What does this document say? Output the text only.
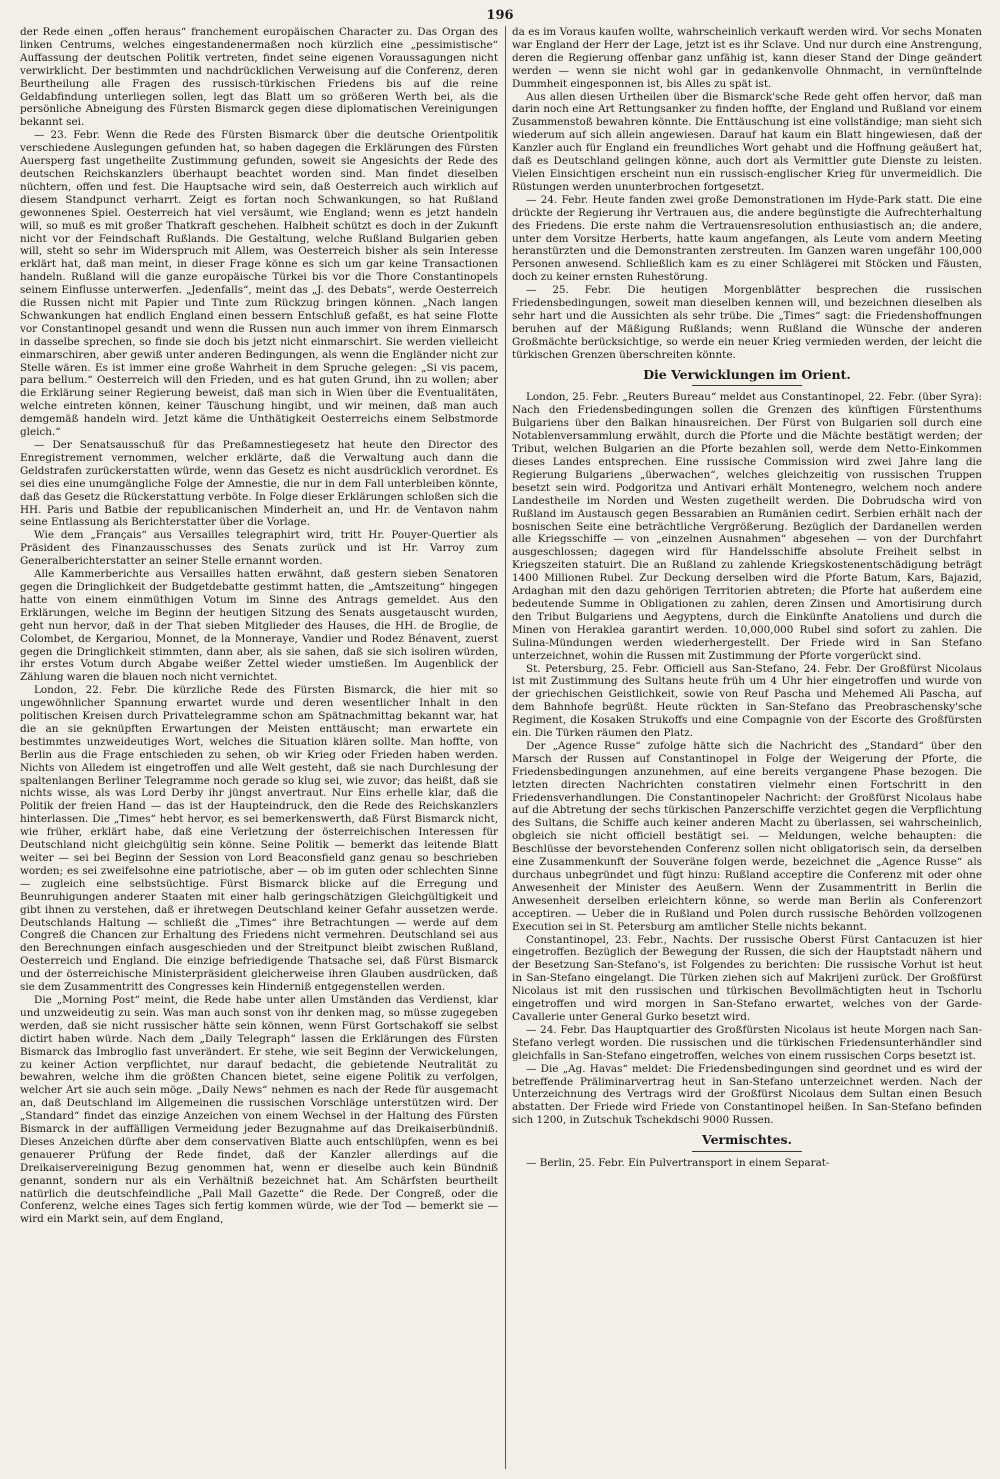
196

der Rede einen „offen heraus“ franchement europäischen Character zu. Das Organ des linken Centrums, welches eingestandenermaßen noch kürzlich eine „pessimistische“ Auffassung der deutschen Politik vertreten, findet seine eigenen Voraussagungen nicht verwirklicht. Der bestimmten und nachdrücklichen Verweisung auf die Conferenz, deren Beurtheilung alle Fragen des russisch-türkischen Friedens bis auf die reine Geldabfindung unterliegen sollen, legt das Blatt um so größeren Werth bei, als die persönliche Abneigung des Fürsten Bismarck gegen diese diplomatischen Vereinigungen bekannt sei.

— 23. Febr. Wenn die Rede des Fürsten Bismarck über die deutsche Orientpolitik verschiedene Auslegungen gefunden hat, so haben dagegen die Erklärungen des Fürsten Auersperg fast ungetheilte Zustimmung gefunden, soweit sie Angesichts der Rede des deutschen Reichskanzlers überhaupt beachtet worden sind. Man findet dieselben nüchtern, offen und fest. Die Hauptsache wird sein, daß Oesterreich auch wirklich auf diesem Standpunct verharrt. Zeigt es fortan noch Schwankungen, so hat Rußland gewonnenes Spiel. Oesterreich hat viel versäumt, wie England; wenn es jetzt handeln will, so muß es mit großer Thatkraft geschehen. Halbheit schützt es doch in der Zukunft nicht vor der Feindschaft Rußlands. Die Gestaltung, welche Rußland Bulgarien geben will, steht so sehr im Widerspruch mit Allem, was Oesterreich bisher als sein Interesse erklärt hat, daß man meint, in dieser Frage könne es sich um gar keine Transactionen handeln. Rußland will die ganze europäische Türkei bis vor die Thore Constantinopels seinem Einflusse unterwerfen. „Jedenfalls“, meint das „J. des Debats“, werde Oesterreich die Russen nicht mit Papier und Tinte zum Rückzug bringen können. „Nach langen Schwankungen hat endlich England einen bessern Entschluß gefaßt, es hat seine Flotte vor Constantinopel gesandt und wenn die Russen nun auch immer von ihrem Einmarsch in dasselbe sprechen, so finde sie doch bis jetzt nicht einmarschirt. Sie werden vielleicht einmarschiren, aber gewiß unter anderen Bedingungen, als wenn die Engländer nicht zur Stelle wären. Es ist immer eine große Wahrheit in dem Spruche gelegen: „Si vis pacem, para bellum.“ Oesterreich will den Frieden, und es hat guten Grund, ihn zu wollen; aber die Erklärung seiner Regierung beweist, daß man sich in Wien über die Eventualitäten, welche eintreten können, keiner Täuschung hingibt, und wir meinen, daß man auch demgemäß handeln wird. Jetzt käme die Unthätigkeit Oesterreichs einem Selbstmorde gleich.“

— Der Senatsausschuß für das Preßamnestiegesetz hat heute den Director des Enregistrement vernommen, welcher erklärte, daß die Verwaltung auch dann die Geldstrafen zurückerstatten würde, wenn das Gesetz es nicht ausdrücklich verordnet. Es sei dies eine unumgängliche Folge der Amnestie, die nur in dem Fall unterbleiben könnte, daß das Gesetz die Rückerstattung verböte. In Folge dieser Erklärungen schloßen sich die HH. Paris und Batbie der republicanischen Minderheit an, und Hr. de Ventavon nahm seine Entlassung als Berichterstatter über die Vorlage.

Wie dem „Français“ aus Versailles telegraphirt wird, tritt Hr. Pouyer-Quertier als Präsident des Finanzausschusses des Senats zurück und ist Hr. Varroy zum Generalberichterstatter an seiner Stelle ernannt worden.

Alle Kammerberichte aus Versailles hatten erwähnt, daß gestern sieben Senatoren gegen die Dringlichkeit der Budgetdebatte gestimmt hatten, die „Amtszeitung“ hingegen hatte von einem einmüthigen Votum im Sinne des Antrags gemeldet. Aus den Erklärungen, welche im Beginn der heutigen Sitzung des Senats ausgetauscht wurden, geht nun hervor, daß in der That sieben Mitglieder des Hauses, die HH. de Broglie, de Colombet, de Kergariou, Monnet, de la Monneraye, Vandier und Rodez Bénavent, zuerst gegen die Dringlichkeit stimmten, dann aber, als sie sahen, daß sie sich isoliren würden, ihr erstes Votum durch Abgabe weißer Zettel wieder umstießen. Im Augenblick der Zählung waren die blauen noch nicht vernichtet.

London, 22. Febr. Die kürzliche Rede des Fürsten Bismarck, die hier mit so ungewöhnlicher Spannung erwartet wurde und deren wesentlicher Inhalt in den politischen Kreisen durch Privattelegramme schon am Spätnachmittag bekannt war, hat die an sie geknüpften Erwartungen der Meisten enttäuscht; man erwartete ein bestimmtes unzweideutiges Wort, welches die Situation klären sollte. Man hoffte, von Berlin aus die Frage entschieden zu sehen, ob wir Krieg oder Frieden haben werden. Nichts von Alledem ist eingetroffen und alle Welt gesteht, daß sie nach Durchlesung der spaltenlangen Berliner Telegramme noch gerade so klug sei, wie zuvor; das heißt, daß sie nichts wisse, als was Lord Derby ihr jüngst anvertraut. Nur Eins erhelle klar, daß die Politik der freien Hand — das ist der Haupteindruck, den die Rede des Reichskanzlers hinterlassen. Die „Times“ hebt hervor, es sei bemerkenswerth, daß Fürst Bismarck nicht, wie früher, erklärt habe, daß eine Verletzung der österreichischen Interessen für Deutschland nicht gleichgültig sein könne. Seine Politik — bemerkt das leitende Blatt weiter — sei bei Beginn der Session von Lord Beaconsfield ganz genau so beschrieben worden; es sei zweifelsohne eine patriotische, aber — ob im guten oder schlechten Sinne — zugleich eine selbstsüchtige. Fürst Bismarck blicke auf die Erregung und Beunruhigungen anderer Staaten mit einer halb geringschätzigen Gleichgültigkeit und gibt ihnen zu verstehen, daß er ihretwegen Deutschland keiner Gefahr aussetzen werde. Deutschlands Haltung — schließt die „Times“ ihre Betrachtungen — werde auf dem Congreß die Chancen zur Erhaltung des Friedens nicht vermehren. Deutschland sei aus den Berechnungen einfach ausgeschieden und der Streitpunct bleibt zwischen Rußland, Oesterreich und England. Die einzige befriedigende Thatsache sei, daß Fürst Bismarck und der österreichische Ministerpräsident gleicherweise ihren Glauben ausdrücken, daß sie dem Zusammentritt des Congresses kein Hinderniß entgegenstellen werden.

Die „Morning Post“ meint, die Rede habe unter allen Umständen das Verdienst, klar und unzweideutig zu sein. Was man auch sonst von ihr denken mag, so müsse zugegeben werden, daß sie nicht russischer hätte sein können, wenn Fürst Gortschakoff sie selbst dictirt haben würde. Nach dem „Daily Telegraph“ lassen die Erklärungen des Fürsten Bismarck das Imbroglio fast unverändert. Er stehe, wie seit Beginn der Verwickelungen, zu keiner Action verpflichtet, nur darauf bedacht, die gebietende Neutralität zu bewahren, welche ihm die größten Chancen bietet, seine eigene Politik zu verfolgen, welcher Art sie auch sein möge. „Daily News“ nehmen es nach der Rede für ausgemacht an, daß Deutschland im Allgemeinen die russischen Vorschläge unterstützen wird. Der „Standard“ findet das einzige Anzeichen von einem Wechsel in der Haltung des Fürsten Bismarck in der auffälligen Vermeidung jeder Bezugnahme auf das Dreikaiserbündniß. Dieses Anzeichen dürfte aber dem conservativen Blatte auch entschlüpfen, wenn es bei genauerer Prüfung der Rede findet, daß der Kanzler allerdings auf die Dreikaiservereinigung Bezug genommen hat, wenn er dieselbe auch kein Bündniß genannt, sondern nur als ein Verhältniß bezeichnet hat. Am Schärfsten beurtheilt natürlich die deutschfeindliche „Pall Mall Gazette“ die Rede. Der Congreß, oder die Conferenz, welche eines Tages sich fertig kommen würde, wie der Tod — bemerkt sie — wird ein Markt sein, auf dem England,

da es im Voraus kaufen wollte, wahrscheinlich verkauft werden wird. Vor sechs Monaten war England der Herr der Lage, jetzt ist es ihr Sclave. Und nur durch eine Anstrengung, deren die Regierung offenbar ganz unfähig ist, kann dieser Stand der Dinge geändert werden — wenn sie nicht wohl gar in gedankenvolle Ohnmacht, in vernünftelnde Dummheit eingesponnen ist, bis Alles zu spät ist.

Aus allen diesen Urtheilen über die Bismarck'sche Rede geht offen hervor, daß man darin noch eine Art Rettungsanker zu finden hoffte, der England und Rußland vor einem Zusammenstoß bewahren könnte. Die Enttäuschung ist eine vollständige; man sieht sich wiederum auf sich allein angewiesen. Darauf hat kaum ein Blatt hingewiesen, daß der Kanzler auch für England ein freundliches Wort gehabt und die Hoffnung geäußert hat, daß es Deutschland gelingen könne, auch dort als Vermittler gute Dienste zu leisten. Vielen Einsichtigen erscheint nun ein russisch-englischer Krieg für unvermeidlich. Die Rüstungen werden ununterbrochen fortgesetzt.

— 24. Febr. Heute fanden zwei große Demonstrationen im Hyde-Park statt. Die eine drückte der Regierung ihr Vertrauen aus, die andere begünstigte die Aufrechterhaltung des Friedens. Die erste nahm die Vertrauensresolution enthusiastisch an; die andere, unter dem Vorsitze Herberts, hatte kaum angefangen, als Leute vom andern Meeting heranstürzten und die Demonstranten zerstreuten. Im Ganzen waren ungefähr 100,000 Personen anwesend. Schließlich kam es zu einer Schlägerei mit Stöcken und Fäusten, doch zu keiner ernsten Ruhestörung.

— 25. Febr. Die heutigen Morgenblätter besprechen die russischen Friedensbedingungen, soweit man dieselben kennen will, und bezeichnen dieselben als sehr hart und die Aussichten als sehr trübe. Die „Times“ sagt: die Friedenshoffnungen beruhen auf der Mäßigung Rußlands; wenn Rußland die Wünsche der anderen Großmächte berücksichtige, so werde ein neuer Krieg vermieden werden, der leicht die türkischen Grenzen überschreiten könnte.

Die Verwicklungen im Orient.

London, 25. Febr. „Reuters Bureau“ meldet aus Constantinopel, 22. Febr. (über Syra): Nach den Friedensbedingungen sollen die Grenzen des künftigen Fürstenthums Bulgariens über den Balkan hinausreichen. Der Fürst von Bulgarien soll durch eine Notablenversammlung erwählt, durch die Pforte und die Mächte bestätigt werden; der Tribut, welchen Bulgarien an die Pforte bezahlen soll, werde dem Netto-Einkommen dieses Landes entsprechen. Eine russische Commission wird zwei Jahre lang die Regierung Bulgariens „überwachen“, welches gleichzeitig von russischen Truppen besetzt sein wird. Podgoritza und Antivari erhält Montenegro, welchem noch andere Landestheile im Norden und Westen zugetheilt werden. Die Dobrudscha wird von Rußland im Austausch gegen Bessarabien an Rumänien cedirt. Serbien erhält nach der bosnischen Seite eine beträchtliche Vergrößerung. Bezüglich der Dardanellen werden alle Kriegsschiffe — von „einzelnen Ausnahmen“ abgesehen — von der Durchfahrt ausgeschlossen; dagegen wird für Handelsschiffe absolute Freiheit selbst in Kriegszeiten statuirt. Die an Rußland zu zahlende Kriegskostenentschädigung beträgt 1400 Millionen Rubel. Zur Deckung derselben wird die Pforte Batum, Kars, Bajazid, Ardaghan mit den dazu gehörigen Territorien abtreten; die Pforte hat außerdem eine bedeutende Summe in Obligationen zu zahlen, deren Zinsen und Amortisirung durch den Tribut Bulgariens und Aegyptens, durch die Einkünfte Anatoliens und durch die Minen von Heraklea garantirt werden. 10,000,000 Rubel sind sofort zu zahlen. Die Sulina-Mündungen werden wiederhergestellt. Der Friede wird in San Stefano unterzeichnet, wohin die Russen mit Zustimmung der Pforte vorgerückt sind.

St. Petersburg, 25. Febr. Officiell aus San-Stefano, 24. Febr. Der Großfürst Nicolaus ist mit Zustimmung des Sultans heute früh um 4 Uhr hier eingetroffen und wurde von der griechischen Geistlichkeit, sowie von Reuf Pascha und Mehemed Ali Pascha, auf dem Bahnhofe begrüßt. Heute rückten in San-Stefano das Preobraschensky'sche Regiment, die Kosaken Strukoffs und eine Compagnie von der Escorte des Großfürsten ein. Die Türken räumen den Platz.

Der „Agence Russe“ zufolge hätte sich die Nachricht des „Standard“ über den Marsch der Russen auf Constantinopel in Folge der Weigerung der Pforte, die Friedensbedingungen anzunehmen, auf eine bereits vergangene Phase bezogen. Die letzten directen Nachrichten constatiren vielmehr einen Fortschritt in den Friedensverhandlungen. Die Constantinopeler Nachricht: der Großfürst Nicolaus habe auf die Abtretung der sechs türkischen Panzerschiffe verzichtet gegen die Verpflichtung des Sultans, die Schiffe auch keiner anderen Macht zu überlassen, sei wahrscheinlich, obgleich sie nicht officiell bestätigt sei. — Meldungen, welche behaupten: die Beschlüsse der bevorstehenden Conferenz sollen nicht obligatorisch sein, da derselben eine Zusammenkunft der Souveräne folgen werde, bezeichnet die „Agence Russe“ als durchaus unbegründet und fügt hinzu: Rußland acceptire die Conferenz mit oder ohne Anwesenheit der Minister des Aeußern. Wenn der Zusammentritt in Berlin die Anwesenheit derselben erleichtern könne, so werde man Berlin als Conferenzort acceptiren. — Ueber die in Rußland und Polen durch russische Behörden vollzogenen Execution sei in St. Petersburg am amtlicher Stelle nichts bekannt.

Constantinopel, 23. Febr., Nachts. Der russische Oberst Fürst Cantacuzen ist hier eingetroffen. Bezüglich der Bewegung der Russen, die sich der Hauptstadt nähern und der Besetzung San-Stefano's, ist Folgendes zu berichten: Die russische Vorhut ist heut in San-Stefano eingelangt. Die Türken ziehen sich auf Makrijeni zurück. Der Großfürst Nicolaus ist mit den russischen und türkischen Bevollmächtigten heut in Tschorlu eingetroffen und wird morgen in San-Stefano erwartet, welches von der Garde-Cavallerie unter General Gurko besetzt wird.

— 24. Febr. Das Hauptquartier des Großfürsten Nicolaus ist heute Morgen nach San-Stefano verlegt worden. Die russischen und die türkischen Friedensunterhändler sind gleichfalls in San-Stefano eingetroffen, welches von einem russischen Corps besetzt ist.

— Die „Ag. Havas“ meldet: Die Friedensbedingungen sind geordnet und es wird der betreffende Präliminarvertrag heut in San-Stefano unterzeichnet werden. Nach der Unterzeichnung des Vertrags wird der Großfürst Nicolaus dem Sultan einen Besuch abstatten. Der Friede wird Friede von Constantinopel heißen. In San-Stefano befinden sich 1200, in Zutschuk Tschekdschi 9000 Russen.

Vermischtes.

— Berlin, 25. Febr. Ein Pulvertransport in einem Separat-
